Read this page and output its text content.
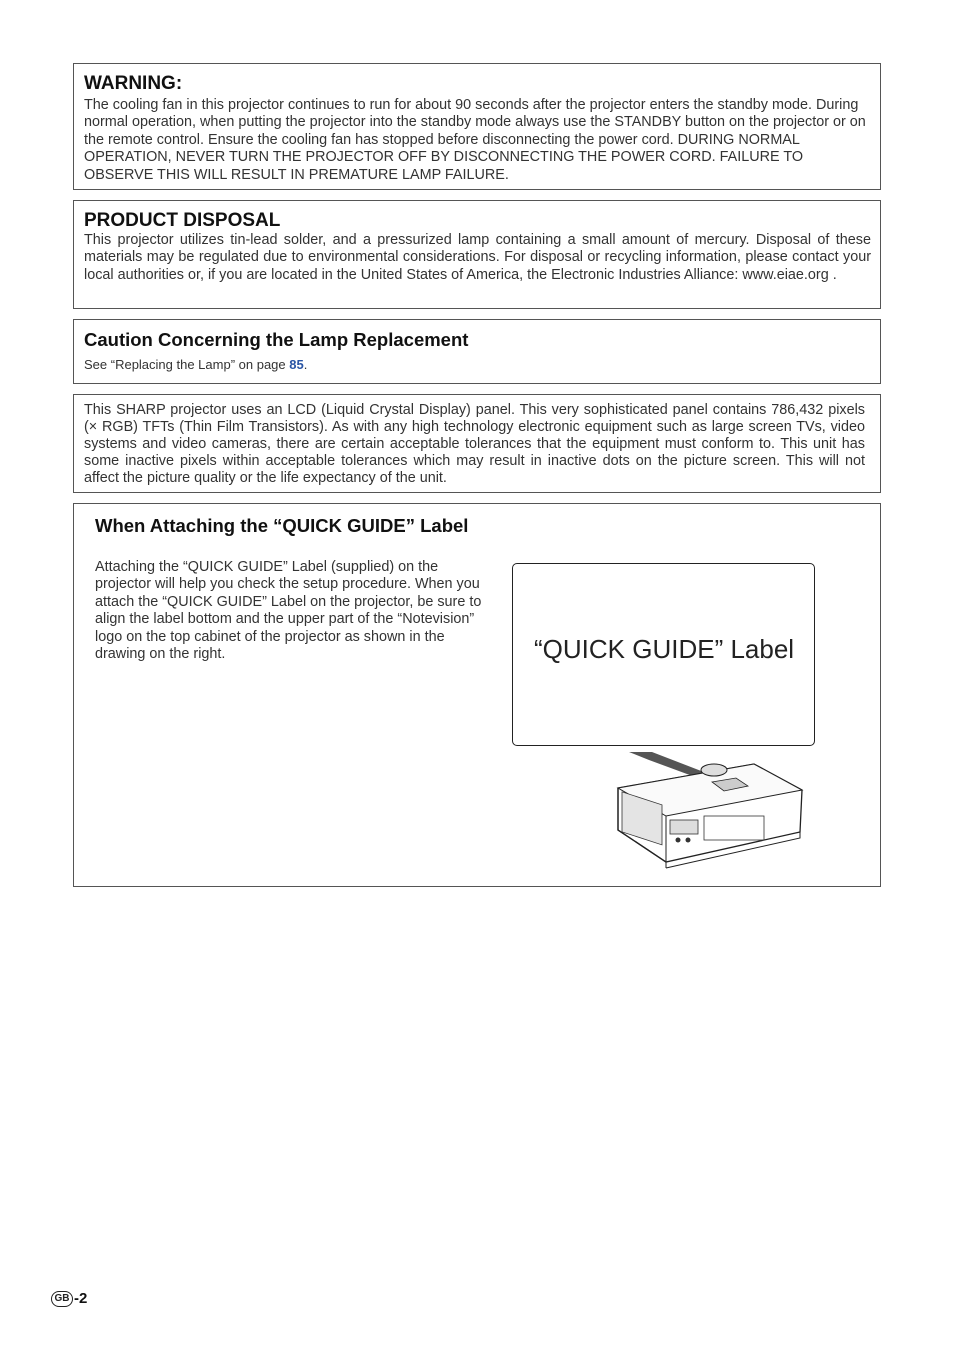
WARNING:
The cooling fan in this projector continues to run for about 90 seconds after the projector enters the standby mode. During normal operation, when putting the projector into the standby mode always use the STANDBY button on the projector or on the remote control. Ensure the cooling fan has stopped before disconnecting the power cord. DURING NORMAL OPERATION, NEVER TURN THE PROJECTOR OFF BY DISCONNECTING THE POWER CORD. FAILURE TO OBSERVE THIS WILL RESULT IN PREMATURE LAMP FAILURE.
PRODUCT DISPOSAL
This projector utilizes tin-lead solder, and a pressurized lamp containing a small amount of mercury. Disposal of these materials may be regulated due to environmental considerations. For disposal or recycling information, please contact your local authorities or, if you are located in the United States of America, the Electronic Industries Alliance: www.eiae.org .
Caution Concerning the Lamp Replacement
See “Replacing the Lamp” on page 85.
This SHARP projector uses an LCD (Liquid Crystal Display) panel. This very sophisticated panel contains 786,432 pixels (× RGB) TFTs (Thin Film Transistors). As with any high technology electronic equipment such as large screen TVs, video systems and video cameras, there are certain acceptable tolerances that the equipment must conform to. This unit has some inactive pixels within acceptable tolerances which may result in inactive dots on the picture screen. This will not affect the picture quality or the life expectancy of the unit.
When Attaching the “QUICK GUIDE” Label
Attaching the “QUICK GUIDE” Label (supplied) on the projector will help you check the setup procedure. When you attach the “QUICK GUIDE” Label on the projector, be sure to align the label bottom and the upper part of the “Notevision” logo on the top cabinet of the projector as shown in the drawing on the right.	“QUICK GUIDE” Label
GB -2
